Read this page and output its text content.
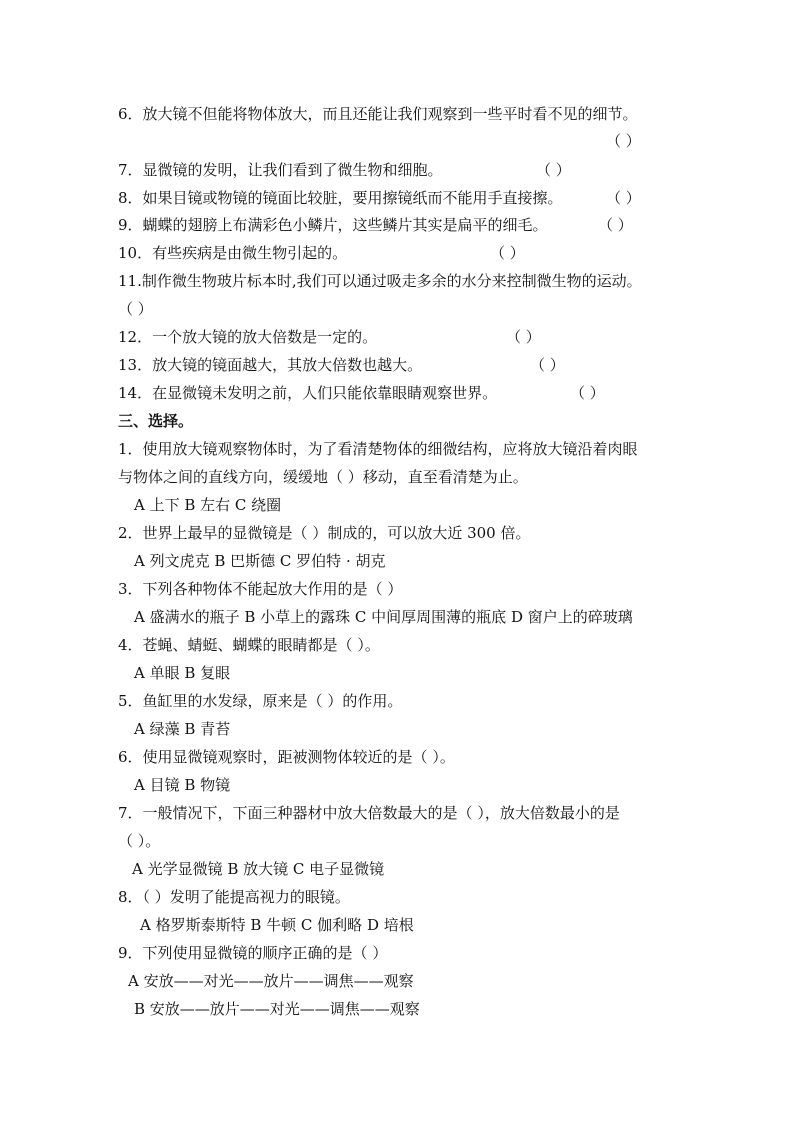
6．放大镜不但能将物体放大，而且还能让我们观察到一些平时看不见的细节。
（ ）
7．显微镜的发明，让我们看到了微生物和细胞。	（ ）
8．如果目镜或物镜的镜面比较脏，要用擦镜纸而不能用手直接擦。	（ ）
9．蝴蝶的翅膀上布满彩色小鳞片，这些鳞片其实是扁平的细毛。	（ ）
10．有些疾病是由微生物引起的。	（ ）
11.制作微生物玻片标本时,我们可以通过吸走多余的水分来控制微生物的运动。
（ ）
12．一个放大镜的放大倍数是一定的。	（ ）
13．放大镜的镜面越大，其放大倍数也越大。	（ ）
14．在显微镜未发明之前，人们只能依靠眼睛观察世界。	（ ）
三、选择。
1．使用放大镜观察物体时，为了看清楚物体的细微结构，应将放大镜沿着肉眼
与物体之间的直线方向，缓缓地（ ）移动，直至看清楚为止。
A 上下 B 左右 C 绕圈
2．世界上最早的显微镜是（ ）制成的，可以放大近 300 倍。
A 列文虎克 B 巴斯德 C 罗伯特 · 胡克
3．下列各种物体不能起放大作用的是（ ）
A 盛满水的瓶子 B 小草上的露珠 C 中间厚周围薄的瓶底 D 窗户上的碎玻璃
4．苍蝇、蜻蜓、蝴蝶的眼睛都是（ ）。
A 单眼 B 复眼
5．鱼缸里的水发绿，原来是（ ）的作用。
A 绿藻 B 青苔
6．使用显微镜观察时，距被测物体较近的是（ ）。
A 目镜 B 物镜
7．一般情况下，下面三种器材中放大倍数最大的是（ ），放大倍数最小的是
（ ）。
A 光学显微镜 B 放大镜 C 电子显微镜
8．（ ）发明了能提高视力的眼镜。
A 格罗斯泰斯特 B 牛顿 C 伽利略 D 培根
9．下列使用显微镜的顺序正确的是（ ）
A 安放——对光——放片——调焦——观察
B 安放——放片——对光——调焦——观察
